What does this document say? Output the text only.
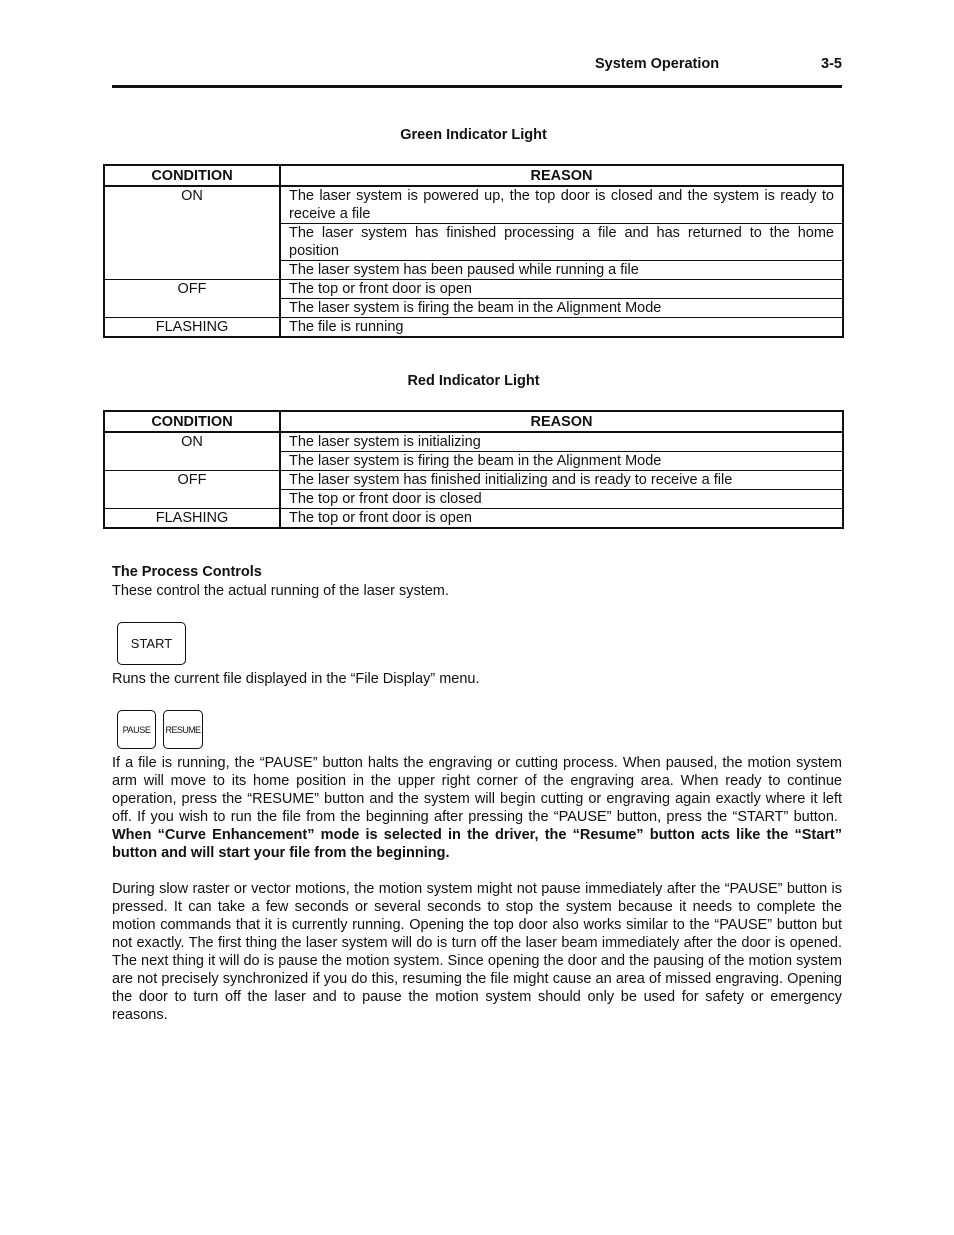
System Operation	3-5
Green Indicator Light
CONDITION	REASON
ON	The laser system is powered up, the top door is closed and the system is ready to receive a file
	The laser system has finished processing a file and has returned to the home position
	The laser system has been paused while running a file
OFF	The top or front door is open
	The laser system is firing the beam in the Alignment Mode
FLASHING	The file is running
Red Indicator Light
CONDITION	REASON
ON	The laser system is initializing
	The laser system is firing the beam in the Alignment Mode
OFF	The laser system has finished initializing and is ready to receive a file
	The top or front door is closed
FLASHING	The top or front door is open
The Process Controls
These control the actual running of the laser system.
START
Runs the current file displayed in the “File Display” menu.
PAUSE RESUME
If a file is running, the “PAUSE” button halts the engraving or cutting process. When paused, the motion system arm will move to its home position in the upper right corner of the engraving area. When ready to continue operation, press the “RESUME” button and the system will begin cutting or engraving again exactly where it left off. If you wish to run the file from the beginning after pressing the “PAUSE” button, press the “START” button.  When “Curve Enhancement” mode is selected in the driver, the “Resume” button acts like the “Start” button and will start your file from the beginning.
During slow raster or vector motions, the motion system might not pause immediately after the “PAUSE” button is pressed. It can take a few seconds or several seconds to stop the system because it needs to complete the motion commands that it is currently running. Opening the top door also works similar to the “PAUSE” button but not exactly. The first thing the laser system will do is turn off the laser beam immediately after the door is opened. The next thing it will do is pause the motion system. Since opening the door and the pausing of the motion system are not precisely synchronized if you do this, resuming the file might cause an area of missed engraving. Opening the door to turn off the laser and to pause the motion system should only be used for safety or emergency reasons.
